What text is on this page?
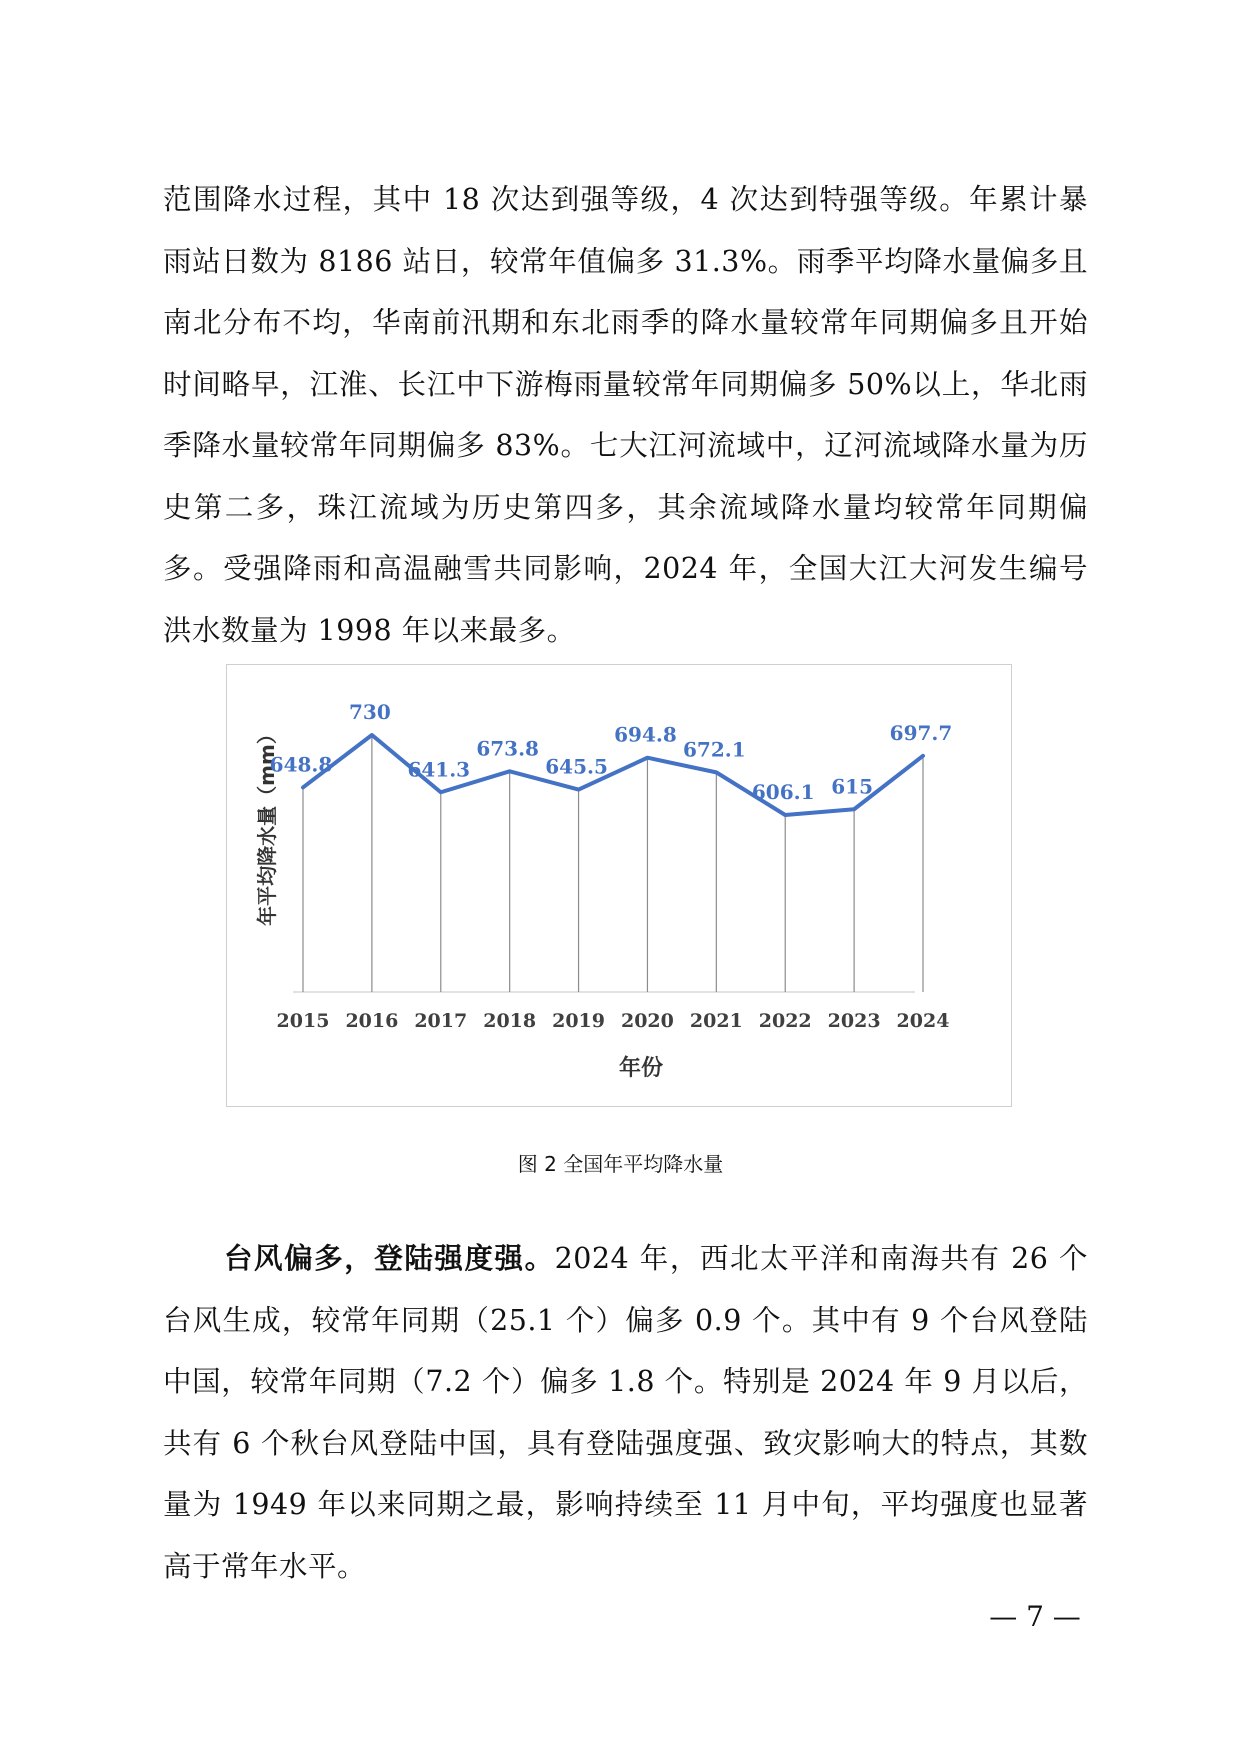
范围降水过程，其中 18 次达到强等级，4 次达到特强等级。年累计暴雨站日数为 8186 站日，较常年值偏多 31.3%。雨季平均降水量偏多且南北分布不均，华南前汛期和东北雨季的降水量较常年同期偏多且开始时间略早，江淮、长江中下游梅雨量较常年同期偏多 50%以上，华北雨季降水量较常年同期偏多 83%。七大江河流域中，辽河流域降水量为历史第二多，珠江流域为历史第四多，其余流域降水量均较常年同期偏多。受强降雨和高温融雪共同影响，2024 年，全国大江大河发生编号洪水数量为 1998 年以来最多。
年平均降水量（mm）
年份
648.8
730
641.3
673.8
645.5
694.8
672.1
606.1 615
697.7
2015 2016 2017 2018 2019 2020 2021 2022 2023 2024
图 2 全国年平均降水量
台风偏多，登陆强度强。2024 年，西北太平洋和南海共有 26 个台风生成，较常年同期（25.1 个）偏多 0.9 个。其中有 9 个台风登陆中国，较常年同期（7.2 个）偏多 1.8 个。特别是 2024 年 9 月以后，共有 6 个秋台风登陆中国，具有登陆强度强、致灾影响大的特点，其数量为 1949 年以来同期之最，影响持续至 11 月中旬，平均强度也显著高于常年水平。
— 7 —
